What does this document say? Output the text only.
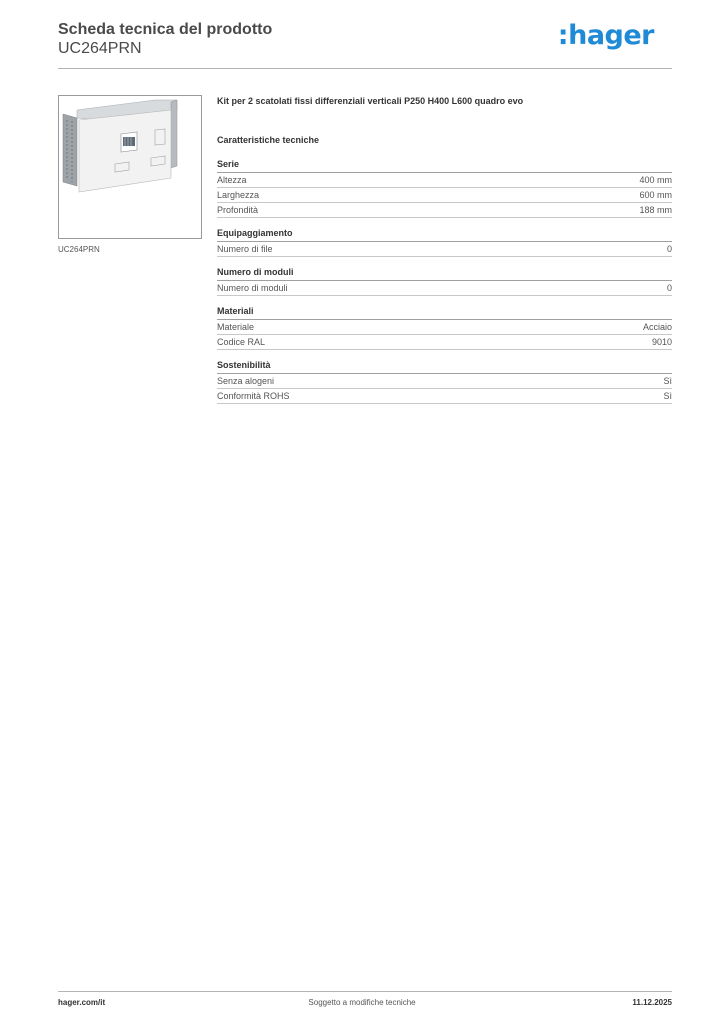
Scheda tecnica del prodotto
UC264PRN	:hager
UC264PRN

Kit per 2 scatolati fissi differenziali verticali P250 H400 L600 quadro evo

Caratteristiche tecniche
Serie
Altezza	400 mm
Larghezza	600 mm
Profondità	188 mm
Equipaggiamento
Numero di file	0
Numero di moduli
Numero di moduli	0
Materiali
Materiale	Acciaio
Codice RAL	9010
Sostenibilità
Senza alogeni	Sì
Conformità ROHS	Sì
hager.com/it	Soggetto a modifiche tecniche	11.12.2025
